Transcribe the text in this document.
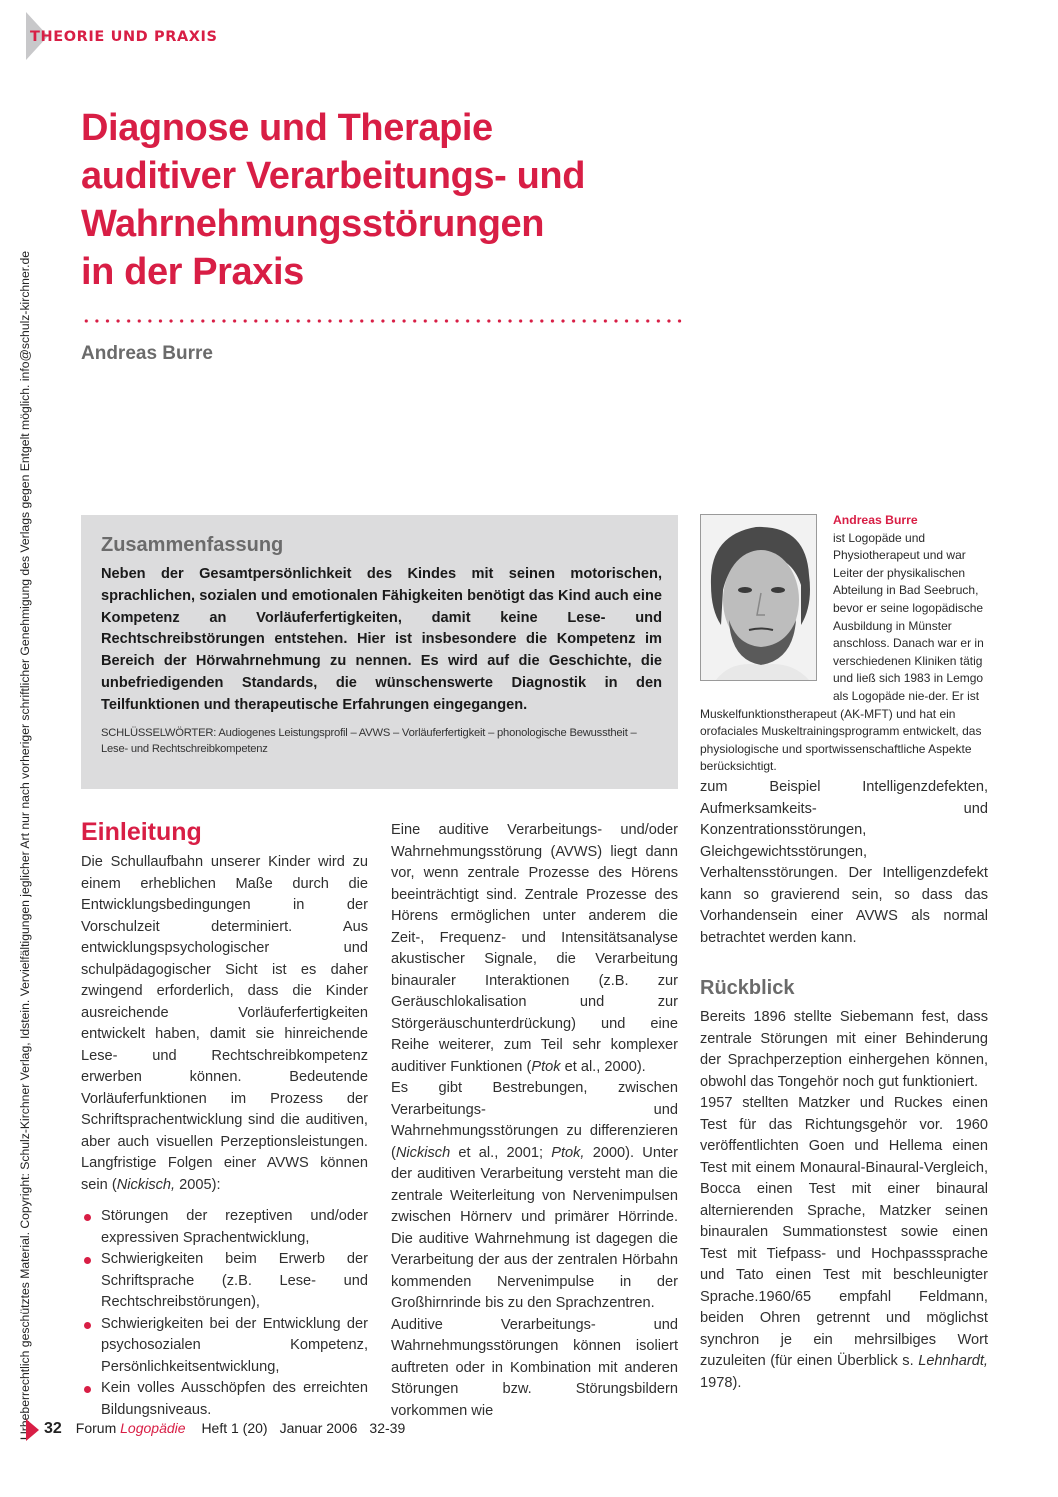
THEORIE UND PRAXIS
Urheberrechtlich geschütztes Material. Copyright: Schulz-Kirchner Verlag, Idstein. Vervielfältigungen jeglicher Art nur nach vorheriger schriftlicher Genehmigung des Verlags gegen Entgelt möglich. info@schulz-kirchner.de
Diagnose und Therapie
auditiver Verarbeitungs- und
Wahrnehmungsstörungen
in der Praxis
Andreas Burre
Zusammenfassung
Neben der Gesamtpersönlichkeit des Kindes mit seinen motorischen, sprachlichen, sozialen und emotionalen Fähigkeiten benötigt das Kind auch eine Kompetenz an Vorläuferfertigkeiten, damit keine Lese- und Rechtschreibstörungen entstehen. Hier ist insbesondere die Kompetenz im Bereich der Hörwahrnehmung zu nennen. Es wird auf die Geschichte, die unbefriedigenden Standards, die wünschenswerte Diagnostik in den Teilfunktionen und therapeutische Erfahrungen eingegangen.
SCHLÜSSELWÖRTER: Audiogenes Leistungsprofil – AVWS – Vorläuferfertigkeit – phonologische Bewusstheit – Lese- und Rechtschreibkompetenz
Andreas Burre
ist Logopäde und Physiotherapeut und war Leiter der physikalischen Abteilung in Bad Seebruch, bevor er seine logopädische Ausbildung in Münster anschloss. Danach war er in verschiedenen Kliniken tätig und ließ sich 1983 in Lemgo als Logopäde nie-der. Er ist Muskelfunktionstherapeut (AK-MFT) und hat ein orofaciales Muskeltrainingsprogramm entwickelt, das physiologische und sportwissenschaftliche Aspekte berücksichtigt.
Einleitung

Die Schullaufbahn unserer Kinder wird zu einem erheblichen Maße durch die Entwicklungsbedingungen in der Vorschulzeit determiniert. Aus entwicklungspsychologischer und schulpädagogischer Sicht ist es daher zwingend erforderlich, dass die Kinder ausreichende Vorläuferfertigkeiten entwickelt haben, damit sie hinreichende Lese- und Rechtschreibkompetenz erwerben können. Bedeutende Vorläuferfunktionen im Prozess der Schriftsprachentwicklung sind die auditiven, aber auch visuellen Perzeptionsleistungen. Langfristige Folgen einer AVWS können sein (Nickisch, 2005):

Störungen der rezeptiven und/oder expressiven Sprachentwicklung,
Schwierigkeiten beim Erwerb der Schriftsprache (z.B. Lese- und Rechtschreibstörungen),
Schwierigkeiten bei der Entwicklung der psychosozialen Kompetenz, Persönlichkeitsentwicklung,
Kein volles Ausschöpfen des erreichten Bildungsniveaus.

Eine auditive Verarbeitungs- und/oder Wahrnehmungsstörung (AVWS) liegt dann vor, wenn zentrale Prozesse des Hörens beeinträchtigt sind. Zentrale Prozesse des Hörens ermöglichen unter anderem die Zeit-, Frequenz- und Intensitätsanalyse akustischer Signale, die Verarbeitung binauraler Interaktionen (z.B. zur Geräuschlokalisation und zur Störgeräuschunterdrückung) und eine Reihe weiterer, zum Teil sehr komplexer auditiver Funktionen (Ptok et al., 2000).

Es gibt Bestrebungen, zwischen Verarbeitungs- und Wahrnehmungsstörungen zu differenzieren (Nickisch et al., 2001; Ptok, 2000). Unter der auditiven Verarbeitung versteht man die zentrale Weiterleitung von Nervenimpulsen zwischen Hörnerv und primärer Hörrinde. Die auditive Wahrnehmung ist dagegen die Verarbeitung der aus der zentralen Hörbahn kommenden Nervenimpulse in der Großhirnrinde bis zu den Sprachzentren.

Auditive Verarbeitungs- und Wahrnehmungsstörungen können isoliert auftreten oder in Kombination mit anderen Störungen bzw. Störungsbildern vorkommen wie

zum Beispiel Intelligenzdefekten, Aufmerksamkeits- und Konzentrationsstörungen, Gleichgewichtsstörungen, Verhaltensstörungen. Der Intelligenzdefekt kann so gravierend sein, so dass das Vorhandensein einer AVWS als normal betrachtet werden kann.

Rückblick

Bereits 1896 stellte Siebemann fest, dass zentrale Störungen mit einer Behinderung der Sprachperzeption einhergehen können, obwohl das Tongehör noch gut funktioniert.

1957 stellten Matzker und Ruckes einen Test für das Richtungsgehör vor. 1960 veröffentlichten Goen und Hellema einen Test mit einem Monaural-Binaural-Vergleich, Bocca einen Test mit einer binaural alternierenden Sprache, Matzker seinen binauralen Summationstest sowie einen Test mit Tiefpass- und Hochpasssprache und Tato einen Test mit beschleunigter Sprache.1960/65 empfahl Feldmann, beiden Ohren getrennt und möglichst synchron je ein mehrsilbiges Wort zuzuleiten (für einen Überblick s. Lehnhardt, 1978).

32 Forum Logopädie Heft 1 (20) Januar 2006 32-39
